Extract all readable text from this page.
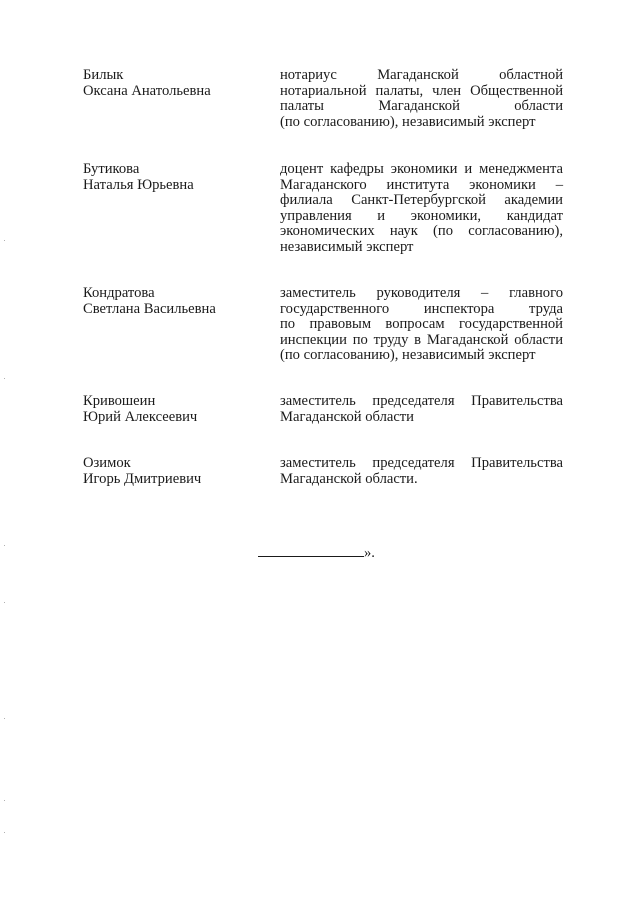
Билык
Оксана Анатольевна
нотариус Магаданской областной
нотариальной палаты, член Общественной
палаты Магаданской области
(по согласованию), независимый эксперт
Бутикова
Наталья Юрьевна
доцент кафедры экономики и менеджмента
Магаданского института экономики –
филиала Санкт-Петербургской академии
управления и экономики, кандидат
экономических наук (по согласованию),
независимый эксперт
Кондратова
Светлана Васильевна
заместитель руководителя – главного
государственного инспектора труда
по правовым вопросам государственной
инспекции по труду в Магаданской области
(по согласованию), независимый эксперт
Кривошеин
Юрий Алексеевич
заместитель председателя Правительства
Магаданской области
Озимок
Игорь Дмитриевич
заместитель председателя Правительства
Магаданской области.
».
